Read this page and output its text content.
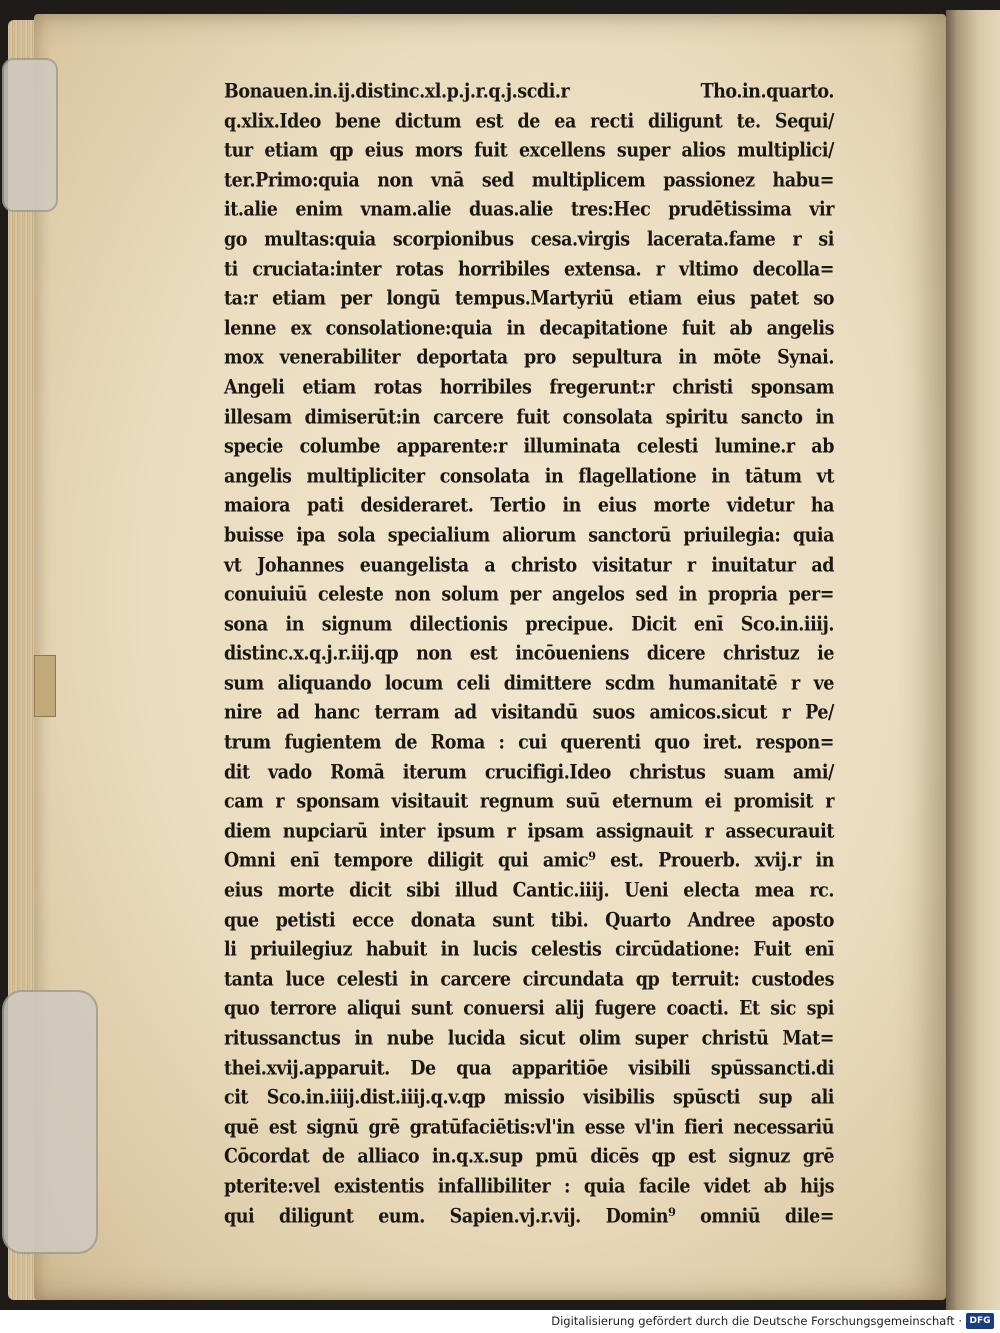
Bonauen.in.ij.distinc.xl.p.j.r.q.j.scdi.r Tho.in.quarto.
q.xlix.Ideo bene dictum est de ea recti diligunt te. Sequi/
tur etiam qp eius mors fuit excellens super alios multiplici/
ter.Primo:quia non vnā sed multiplicem passionez habu=
it.alie enim vnam.alie duas.alie tres:Hec prudētissima vir
go multas:quia scorpionibus cesa.virgis lacerata.fame r si
ti cruciata:inter rotas horribiles extensa. r vltimo decolla=
ta:r etiam per longū tempus.Martyriū etiam eius patet so
lenne ex consolatione:quia in decapitatione fuit ab angelis
mox venerabiliter deportata pro sepultura in mōte Synai.
Angeli etiam rotas horribiles fregerunt:r christi sponsam
illesam dimiserūt:in carcere fuit consolata spiritu sancto in
specie columbe apparente:r illuminata celesti lumine.r ab
angelis multipliciter consolata in flagellatione in tātum vt
maiora pati desideraret. Tertio in eius morte videtur ha
buisse ipa sola specialium aliorum sanctorū priuilegia: quia
vt Johannes euangelista a christo visitatur r inuitatur ad
conuiuiū celeste non solum per angelos sed in propria per=
sona in signum dilectionis precipue. Dicit enī Sco.in.iiij.
distinc.x.q.j.r.iij.qp non est incōueniens dicere christuz ie
sum aliquando locum celi dimittere scdm humanitatē r ve
nire ad hanc terram ad visitandū suos amicos.sicut r Pe/
trum fugientem de Roma : cui querenti quo iret. respon=
dit vado Romā iterum crucifigi.Ideo christus suam ami/
cam r sponsam visitauit regnum suū eternum ei promisit r
diem nupciarū inter ipsum r ipsam assignauit r assecurauit
Omni enī tempore diligit qui amic⁹ est. Prouerb. xvij.r in
eius morte dicit sibi illud Cantic.iiij. Ueni electa mea rc.
que petisti ecce donata sunt tibi. Quarto Andree aposto
li priuilegiuz habuit in lucis celestis circūdatione: Fuit enī
tanta luce celesti in carcere circundata qp terruit: custodes
quo terrore aliqui sunt conuersi alij fugere coacti. Et sic spi
ritussanctus in nube lucida sicut olim super christū Mat=
thei.xvij.apparuit. De qua apparitiōe visibili spūssancti.di
cit Sco.in.iiij.dist.iiij.q.v.qp missio visibilis spūscti sup ali
quē est signū grē gratūfaciētis:vl'in esse vl'in fieri necessariū
Cōcordat de alliaco in.q.x.sup pmū dicēs qp est signuz grē
pterite:vel existentis infallibiliter : quia facile videt ab hijs
qui diligunt eum. Sapien.vj.r.vij. Domin⁹ omniū dile=
Digitalisierung gefördert durch die Deutsche Forschungsgemeinschaft · DFG
